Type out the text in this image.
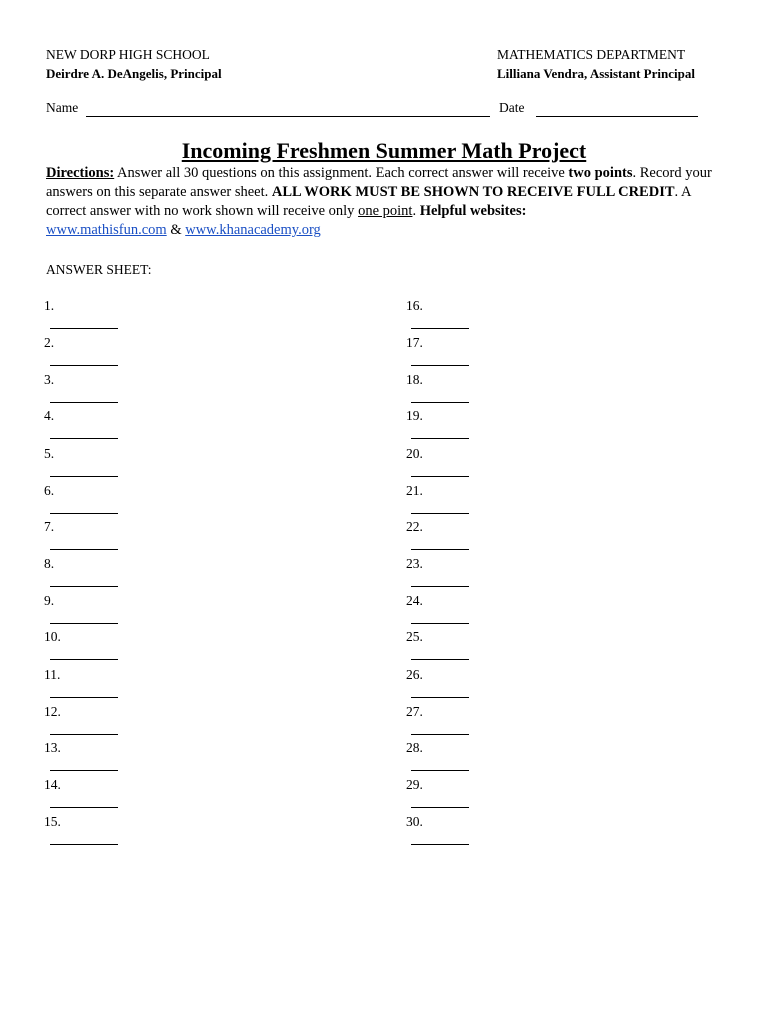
NEW DORP HIGH SCHOOL
Deirdre A. DeAngelis, Principal
MATHEMATICS DEPARTMENT
Lilliana Vendra, Assistant Principal
Name	Date
Incoming Freshmen Summer Math Project
Directions: Answer all 30 questions on this assignment. Each correct answer will receive two points. Record your answers on this separate answer sheet. ALL WORK MUST BE SHOWN TO RECEIVE FULL CREDIT. A correct answer with no work shown will receive only one point. Helpful websites:
www.mathisfun.com & www.khanacademy.org
ANSWER SHEET:
1.
2.
3.
4.
5.
6.
7.
8.
9.
10.
11.
12.
13.
14.
15.
16.
17.
18.
19.
20.
21.
22.
23.
24.
25.
26.
27.
28.
29.
30.
